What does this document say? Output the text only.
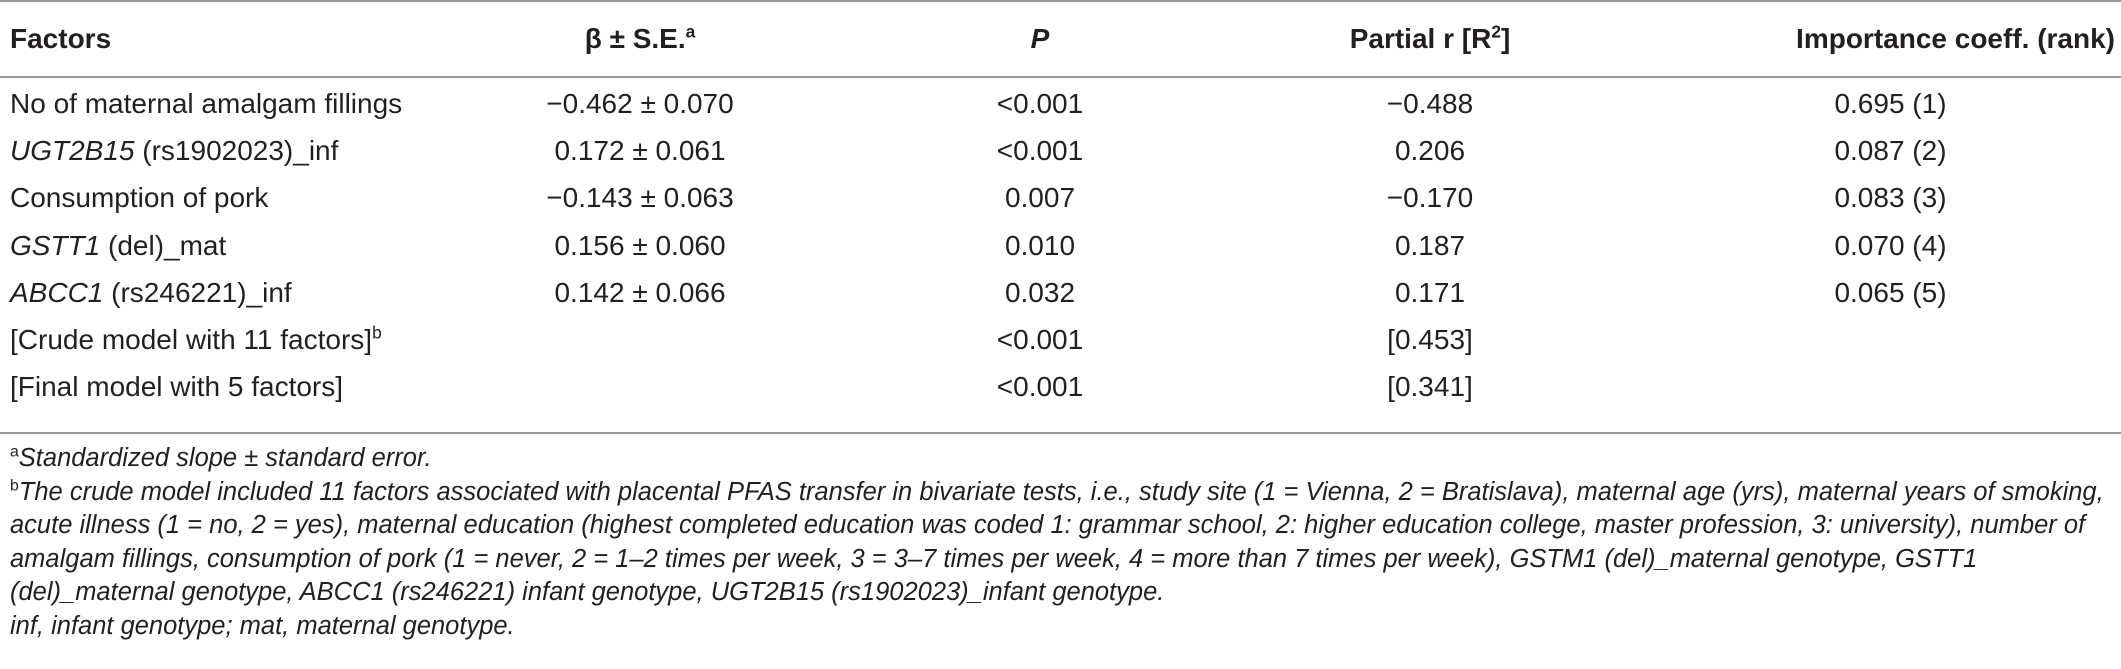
Factors	β ± S.E.$^a$	P	Partial r $[R^2]$	Importance coeff. (rank)
No of maternal amalgam fillings	−0.462 ± 0.070	<0.001	−0.488	0.695 (1)
UGT2B15 (rs1902023)_inf	0.172 ± 0.061	<0.001	0.206	0.087 (2)
Consumption of pork	−0.143 ± 0.063	0.007	−0.170	0.083 (3)
GSTT1 (del)_mat	0.156 ± 0.060	0.010	0.187	0.070 (4)
ABCC1 (rs246221)_inf	0.142 ± 0.066	0.032	0.171	0.065 (5)
[Crude model with 11 factors]$^b$		<0.001	[0.453]	
[Final model with 5 factors]		<0.001	[0.341]	

$^a$Standardized slope ± standard error.

$^b$The crude model included 11 factors associated with placental PFAS transfer in bivariate tests, i.e., study site (1 = Vienna, 2 = Bratislava), maternal age (yrs), maternal years of smoking, acute illness (1 = no, 2 = yes), maternal education (highest completed education was coded 1: grammar school, 2: higher education college, master profession, 3: university), number of amalgam fillings, consumption of pork (1 = never, 2 = 1–2 times per week, 3 = 3–7 times per week, 4 = more than 7 times per week), GSTM1 (del)_maternal genotype, GSTT1 (del)_maternal genotype, ABCC1 (rs246221) infant genotype, UGT2B15 (rs1902023)_infant genotype.

inf, infant genotype; mat, maternal genotype.
